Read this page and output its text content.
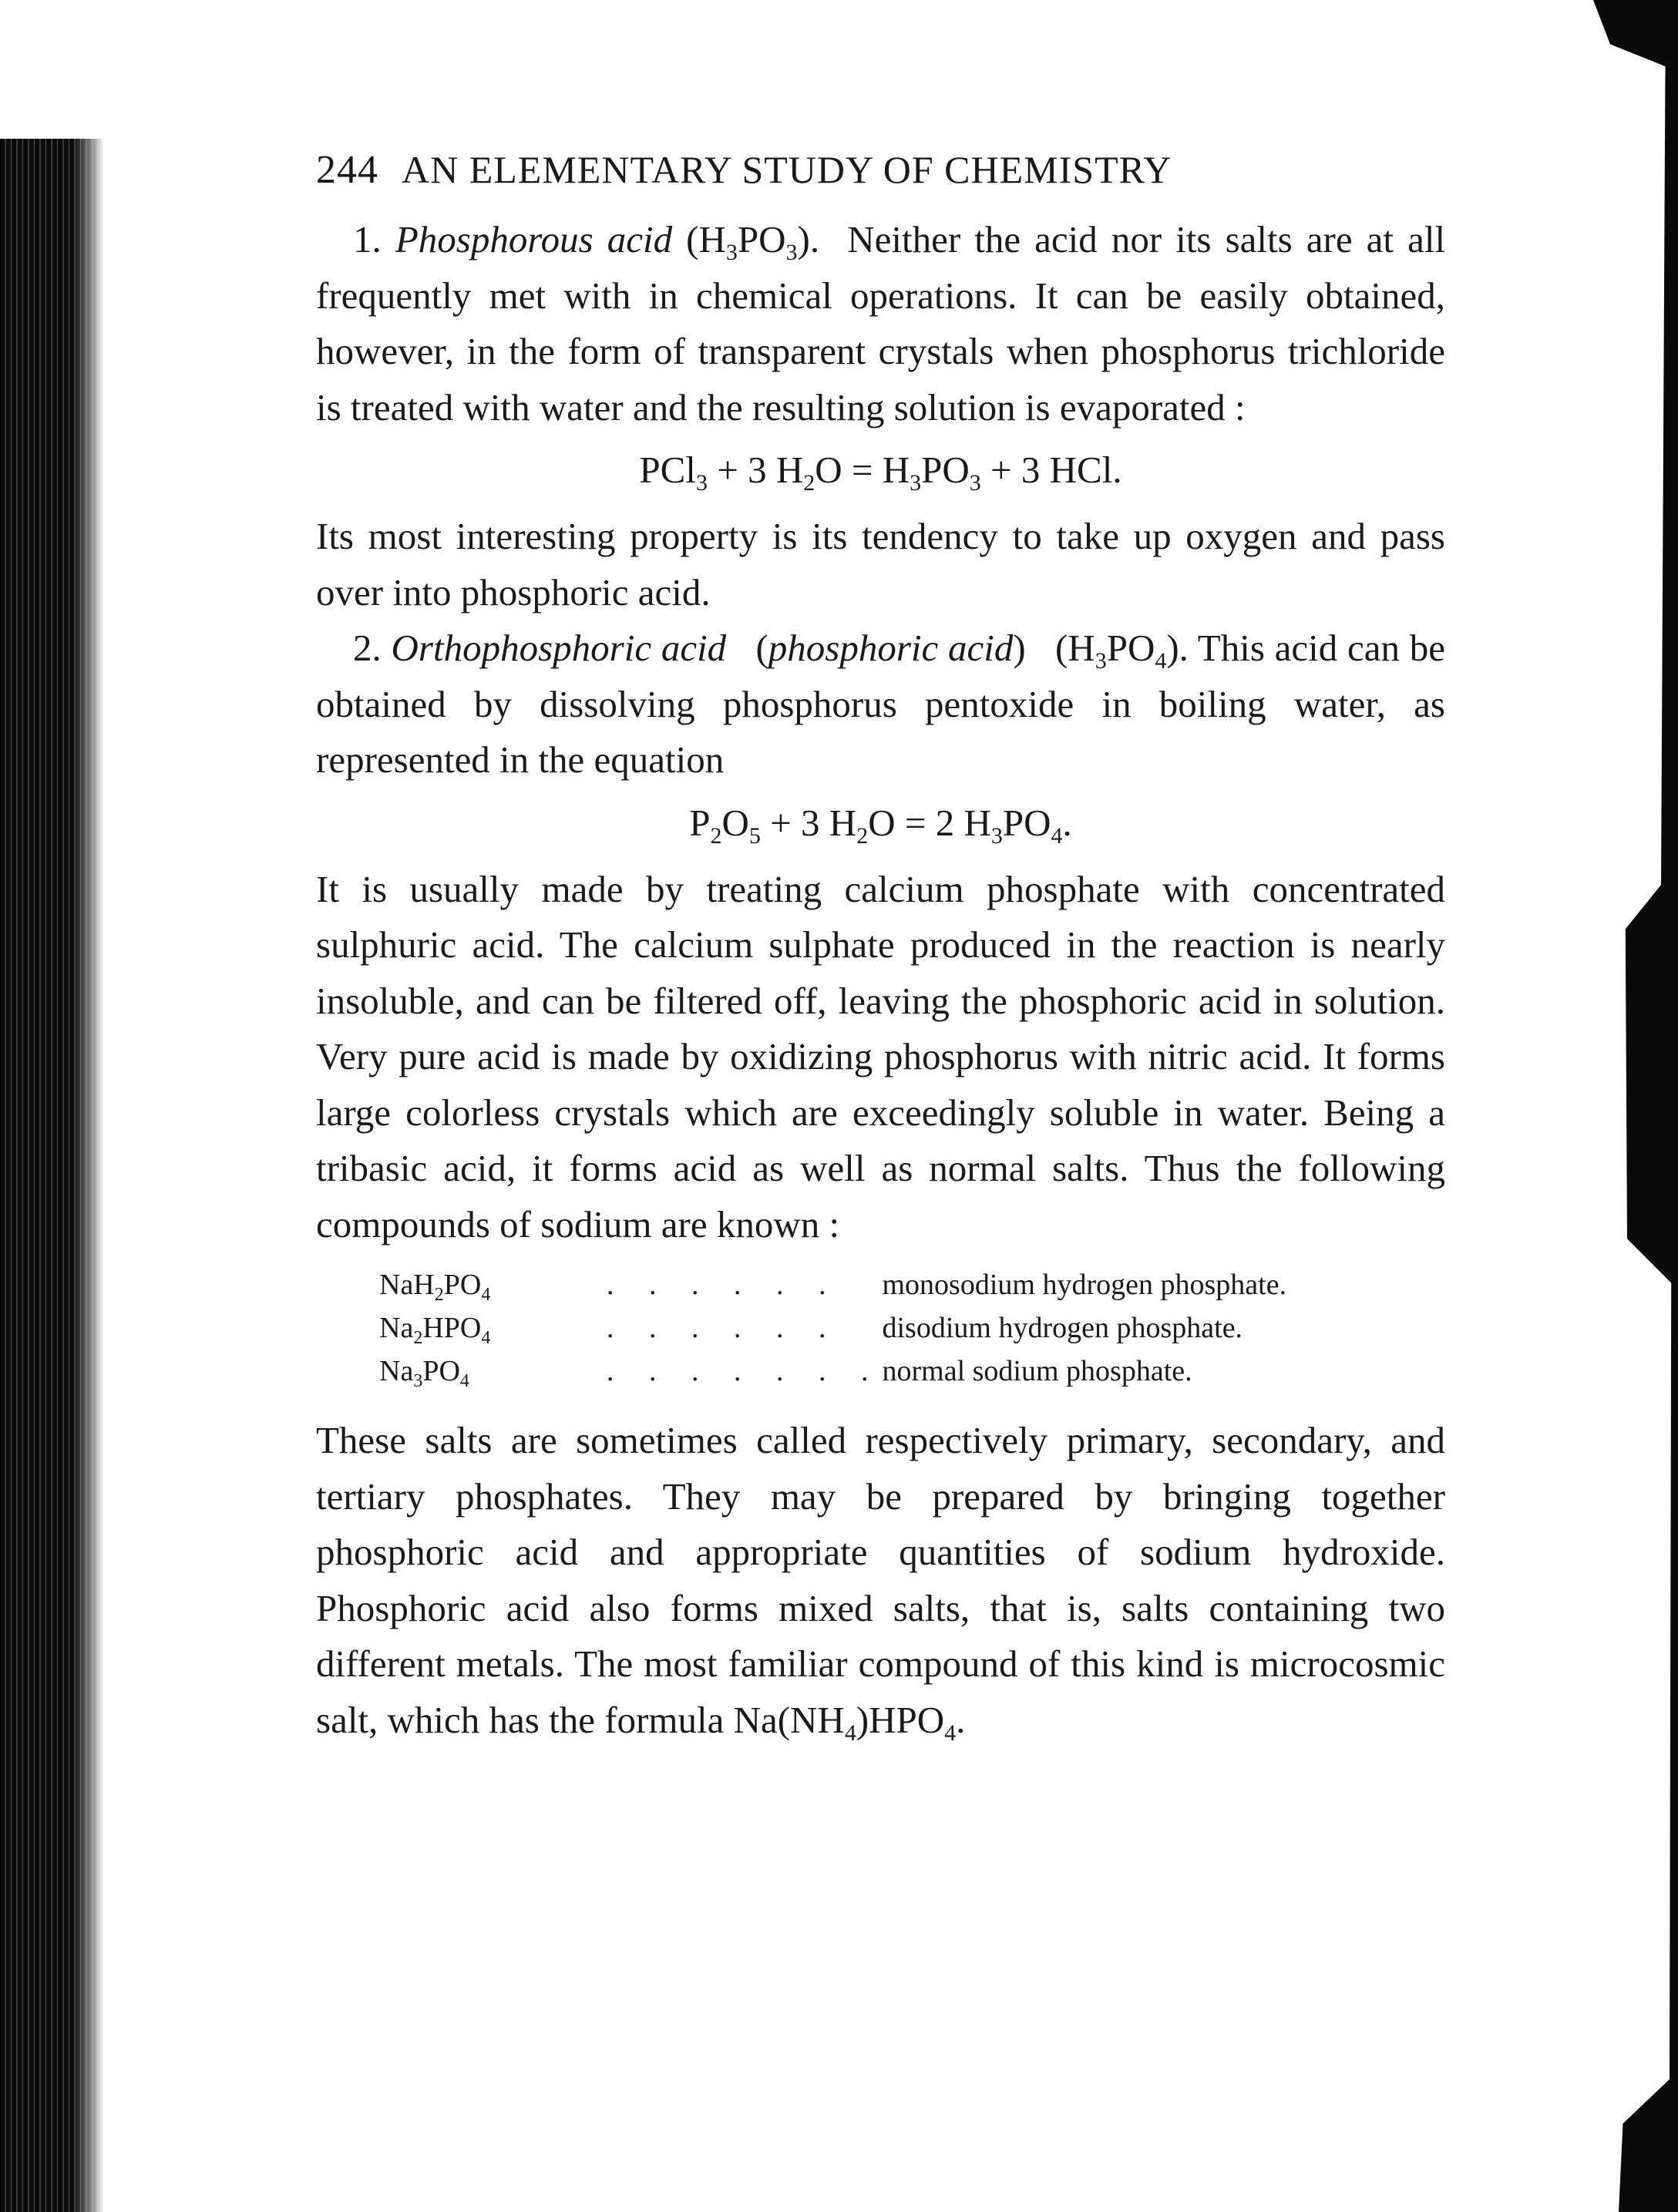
244 AN ELEMENTARY STUDY OF CHEMISTRY

1. Phosphorous acid $(H_3PO_3)$. Neither the acid nor its salts are at all frequently met with in chemical operations. It can be easily obtained, however, in the form of transparent crystals when phosphorus trichloride is treated with water and the resulting solution is evaporated :

PCl$_3$ + 3 $H_2O = H_3PO_3 + 3$ HCl.

Its most interesting property is its tendency to take up oxygen and pass over into phosphoric acid.

2. Orthophosphoric acid (phosphoric acid) $(H_3PO_4)$. This acid can be obtained by dissolving phosphorus pentoxide in boiling water, as represented in the equation

$P_2O_5 + 3$ $H_2O = 2$ $H_3PO_4$.

It is usually made by treating calcium phosphate with concentrated sulphuric acid. The calcium sulphate produced in the reaction is nearly insoluble, and can be filtered off, leaving the phosphoric acid in solution. Very pure acid is made by oxidizing phosphorus with nitric acid. It forms large colorless crystals which are exceedingly soluble in water. Being a tribasic acid, it forms acid as well as normal salts. Thus the following compounds of sodium are known :

$NaH_2PO_4$	. . . . . .	monosodium hydrogen phosphate.
$Na_2HPO_4$	. . . . . .	disodium hydrogen phosphate.
$Na_3PO_4$	. . . . . . .	normal sodium phosphate.

These salts are sometimes called respectively primary, secondary, and tertiary phosphates. They may be prepared by bringing together phosphoric acid and appropriate quantities of sodium hydroxide. Phosphoric acid also forms mixed salts, that is, salts containing two different metals. The most familiar compound of this kind is microcosmic salt, which has the formula $Na(NH_4)HPO_4$.
